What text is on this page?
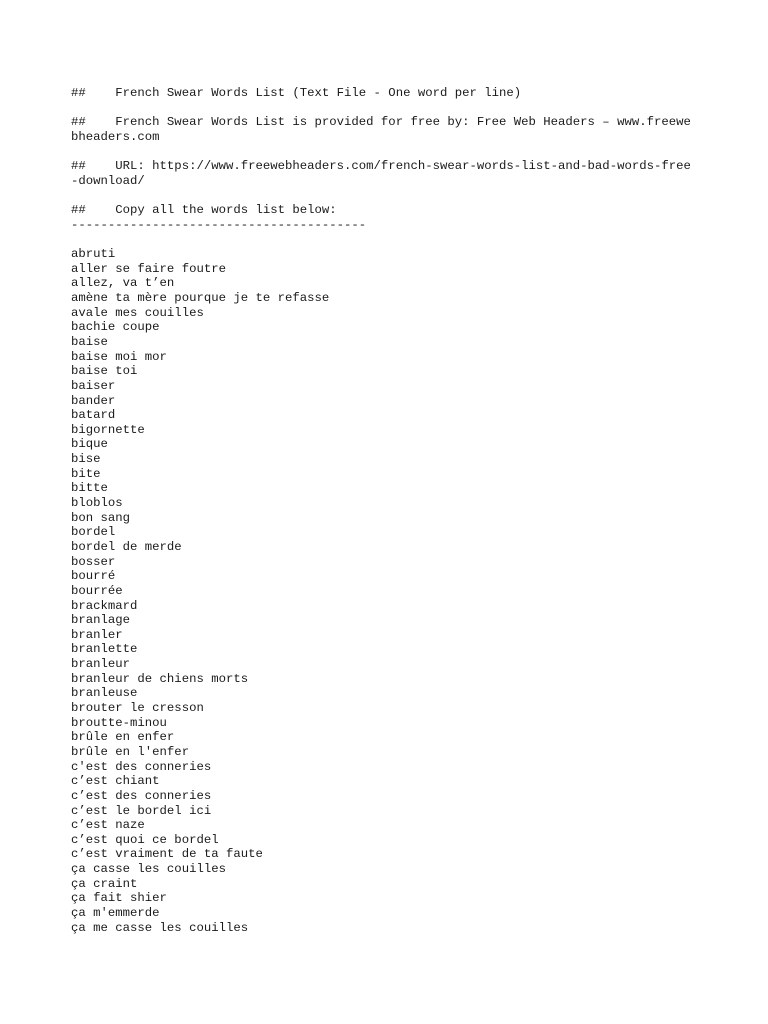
##    French Swear Words List (Text File - One word per line)
##    French Swear Words List is provided for free by: Free Web Headers – www.freewebheaders.com
##    URL: https://www.freewebheaders.com/french-swear-words-list-and-bad-words-free-download/
##    Copy all the words list below:
----------------------------------------
abruti
aller se faire foutre
allez, va t’en
amène ta mère pourque je te refasse
avale mes couilles
bachie coupe
baise
baise moi mor
baise toi
baiser
bander
batard
bigornette
bique
bise
bite
bitte
bloblos
bon sang
bordel
bordel de merde
bosser
bourré
bourrée
brackmard
branlage
branler
branlette
branleur
branleur de chiens morts
branleuse
brouter le cresson
broutte-minou
brûle en enfer
brûle en l'enfer
c'est des conneries
c’est chiant
c’est des conneries
c’est le bordel ici
c’est naze
c’est quoi ce bordel
c’est vraiment de ta faute
ça casse les couilles
ça craint
ça fait shier
ça m'emmerde
ça me casse les couilles
